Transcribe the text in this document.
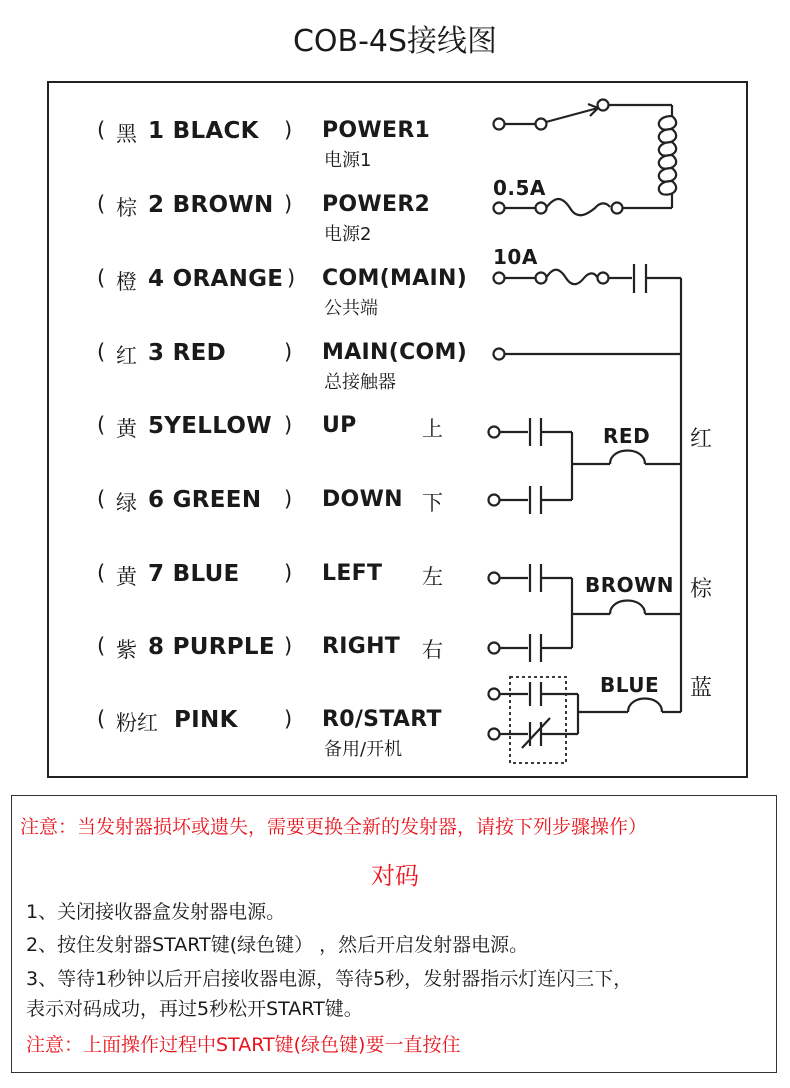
COB-4S接线图
( 黑 1 BLACK ) POWER1
电源1
( 棕 2 BROWN ) POWER2
电源2
( 橙 4 ORANGE ) COM(MAIN)
公共端
( 红 3 RED	) MAIN(COM)
总接触器
( 黄 5YELLOW ) UP	上
( 绿 6 GREEN ) DOWN 下
( 黄 7 BLUE ) LEFT 左
( 紫 8 PURPLE ) RIGHT 右
( 粉红 PINK ) R0/START
备用/开机
0.5A
10A
RED
BROWN
BLUE
红
棕
蓝
注意：当发射器损坏或遗失，需要更换全新的发射器，请按下列步骤操作）
对码
1、关闭接收器盒发射器电源。
2、按住发射器START键(绿色键） ，然后开启发射器电源。
3、等待1秒钟以后开启接收器电源，等待5秒，发射器指示灯连闪三下，
表示对码成功，再过5秒松开START键。
注意：上面操作过程中START键(绿色键)要一直按住
